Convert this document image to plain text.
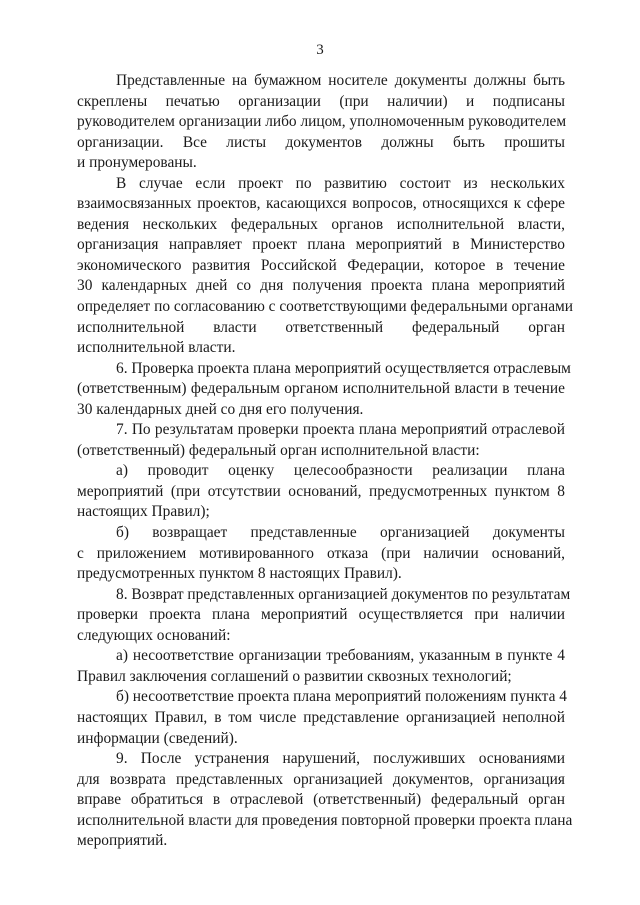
3
Представленные на бумажном носителе документы должны быть
скреплены печатью организации (при наличии) и подписаны
руководителем организации либо лицом, уполномоченным руководителем
организации. Все листы документов должны быть прошиты
и пронумерованы.
В случае если проект по развитию состоит из нескольких
взаимосвязанных проектов, касающихся вопросов, относящихся к сфере
ведения нескольких федеральных органов исполнительной власти,
организация направляет проект плана мероприятий в Министерство
экономического развития Российской Федерации, которое в течение
30 календарных дней со дня получения проекта плана мероприятий
определяет по согласованию с соответствующими федеральными органами
исполнительной власти ответственный федеральный орган
исполнительной власти.
6. Проверка проекта плана мероприятий осуществляется отраслевым
(ответственным) федеральным органом исполнительной власти в течение
30 календарных дней со дня его получения.
7. По результатам проверки проекта плана мероприятий отраслевой
(ответственный) федеральный орган исполнительной власти:
а) проводит оценку целесообразности реализации плана
мероприятий (при отсутствии оснований, предусмотренных пунктом 8
настоящих Правил);
б) возвращает представленные организацией документы
с приложением мотивированного отказа (при наличии оснований,
предусмотренных пунктом 8 настоящих Правил).
8. Возврат представленных организацией документов по результатам
проверки проекта плана мероприятий осуществляется при наличии
следующих оснований:
а) несоответствие организации требованиям, указанным в пункте 4
Правил заключения соглашений о развитии сквозных технологий;
б) несоответствие проекта плана мероприятий положениям пункта 4
настоящих Правил, в том числе представление организацией неполной
информации (сведений).
9. После устранения нарушений, послуживших основаниями
для возврата представленных организацией документов, организация
вправе обратиться в отраслевой (ответственный) федеральный орган
исполнительной власти для проведения повторной проверки проекта плана
мероприятий.
